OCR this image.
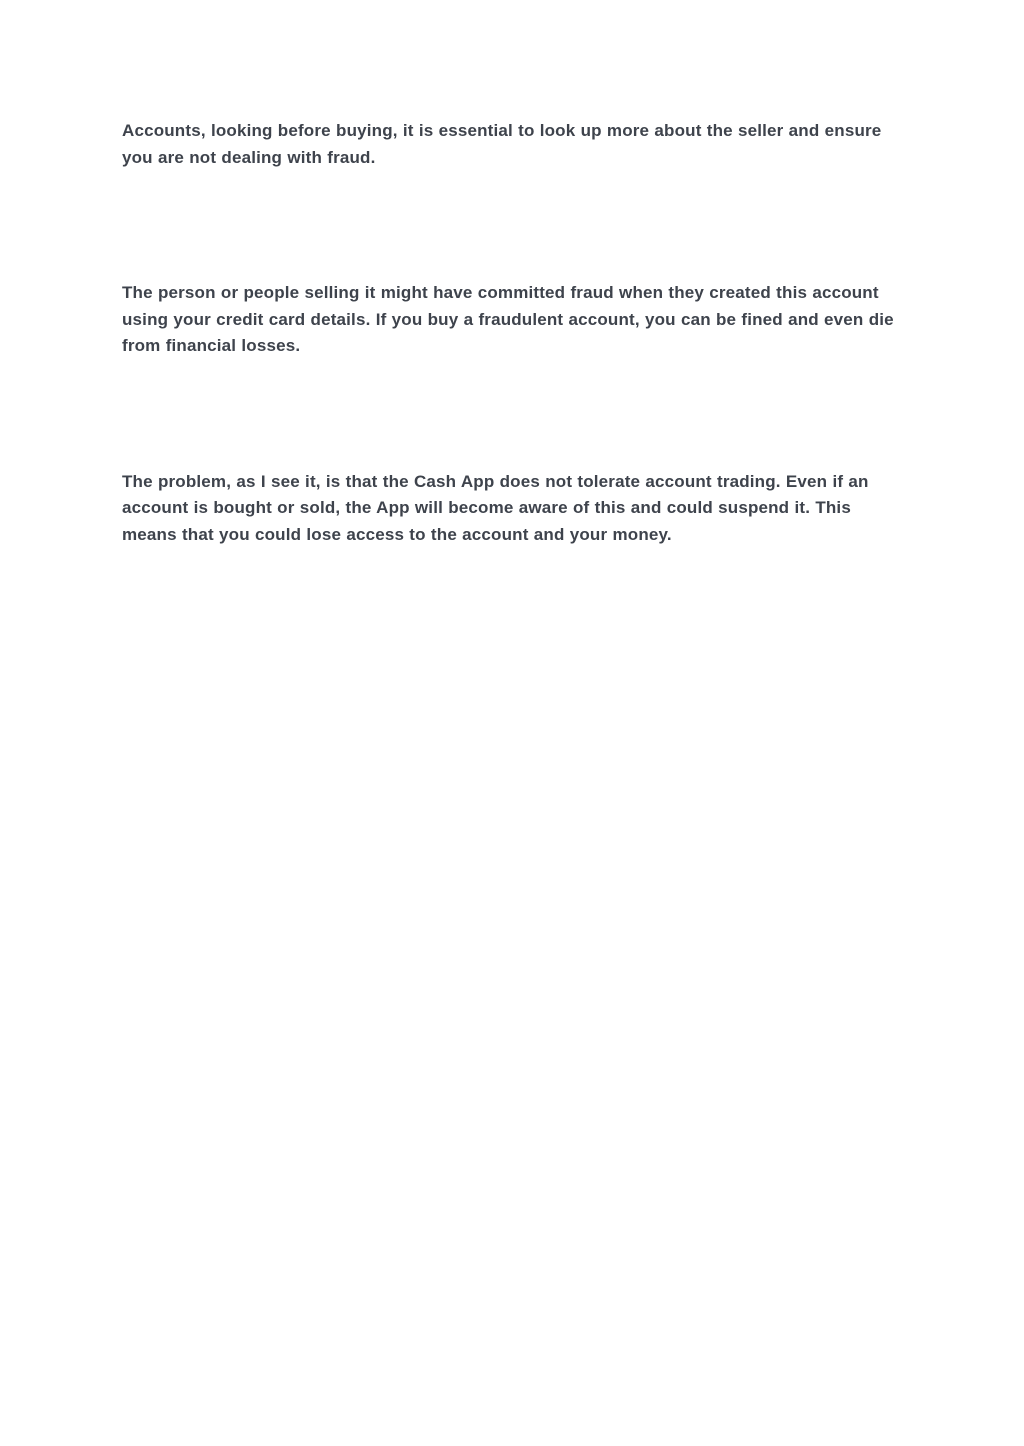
Accounts, looking before buying, it is essential to look up more about the seller and ensure you are not dealing with fraud.

The person or people selling it might have committed fraud when they created this account using your credit card details. If you buy a fraudulent account, you can be fined and even die from financial losses.

The problem, as I see it, is that the Cash App does not tolerate account trading. Even if an account is bought or sold, the App will become aware of this and could suspend it. This means that you could lose access to the account and your money.
